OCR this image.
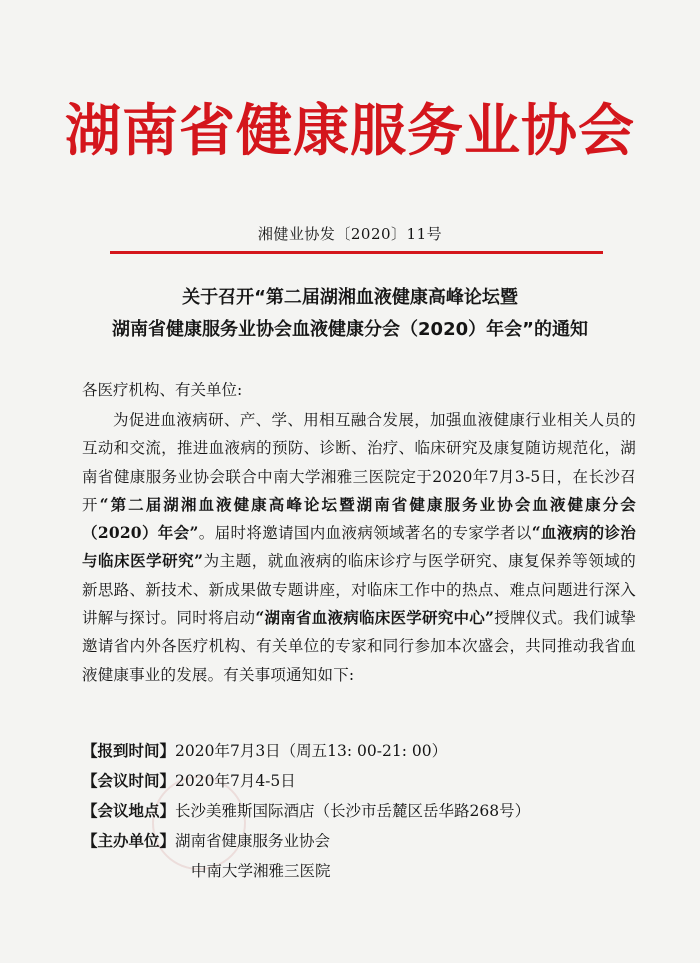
湖南省健康服务业协会
湘健业协发〔2020〕11号
关于召开“第二届湖湘血液健康高峰论坛暨
湖南省健康服务业协会血液健康分会（2020）年会”的通知
各医疗机构、有关单位:
为促进血液病研、产、学、用相互融合发展，加强血液健康行业相关人员的互动和交流，推进血液病的预防、诊断、治疗、临床研究及康复随访规范化，湖南省健康服务业协会联合中南大学湘雅三医院定于2020年7月3-5日，在长沙召开“第二届湖湘血液健康高峰论坛暨湖南省健康服务业协会血液健康分会（2020）年会”。届时将邀请国内血液病领域著名的专家学者以“血液病的诊治与临床医学研究”为主题，就血液病的临床诊疗与医学研究、康复保养等领域的新思路、新技术、新成果做专题讲座，对临床工作中的热点、难点问题进行深入讲解与探讨。同时将启动“湖南省血液病临床医学研究中心”授牌仪式。我们诚挚邀请省内外各医疗机构、有关单位的专家和同行参加本次盛会，共同推动我省血液健康事业的发展。有关事项通知如下:
【报到时间】2020年7月3日（周五13: 00-21: 00）
【会议时间】2020年7月4-5日
【会议地点】长沙美雅斯国际酒店（长沙市岳麓区岳华路268号）
【主办单位】湖南省健康服务业协会
中南大学湘雅三医院
